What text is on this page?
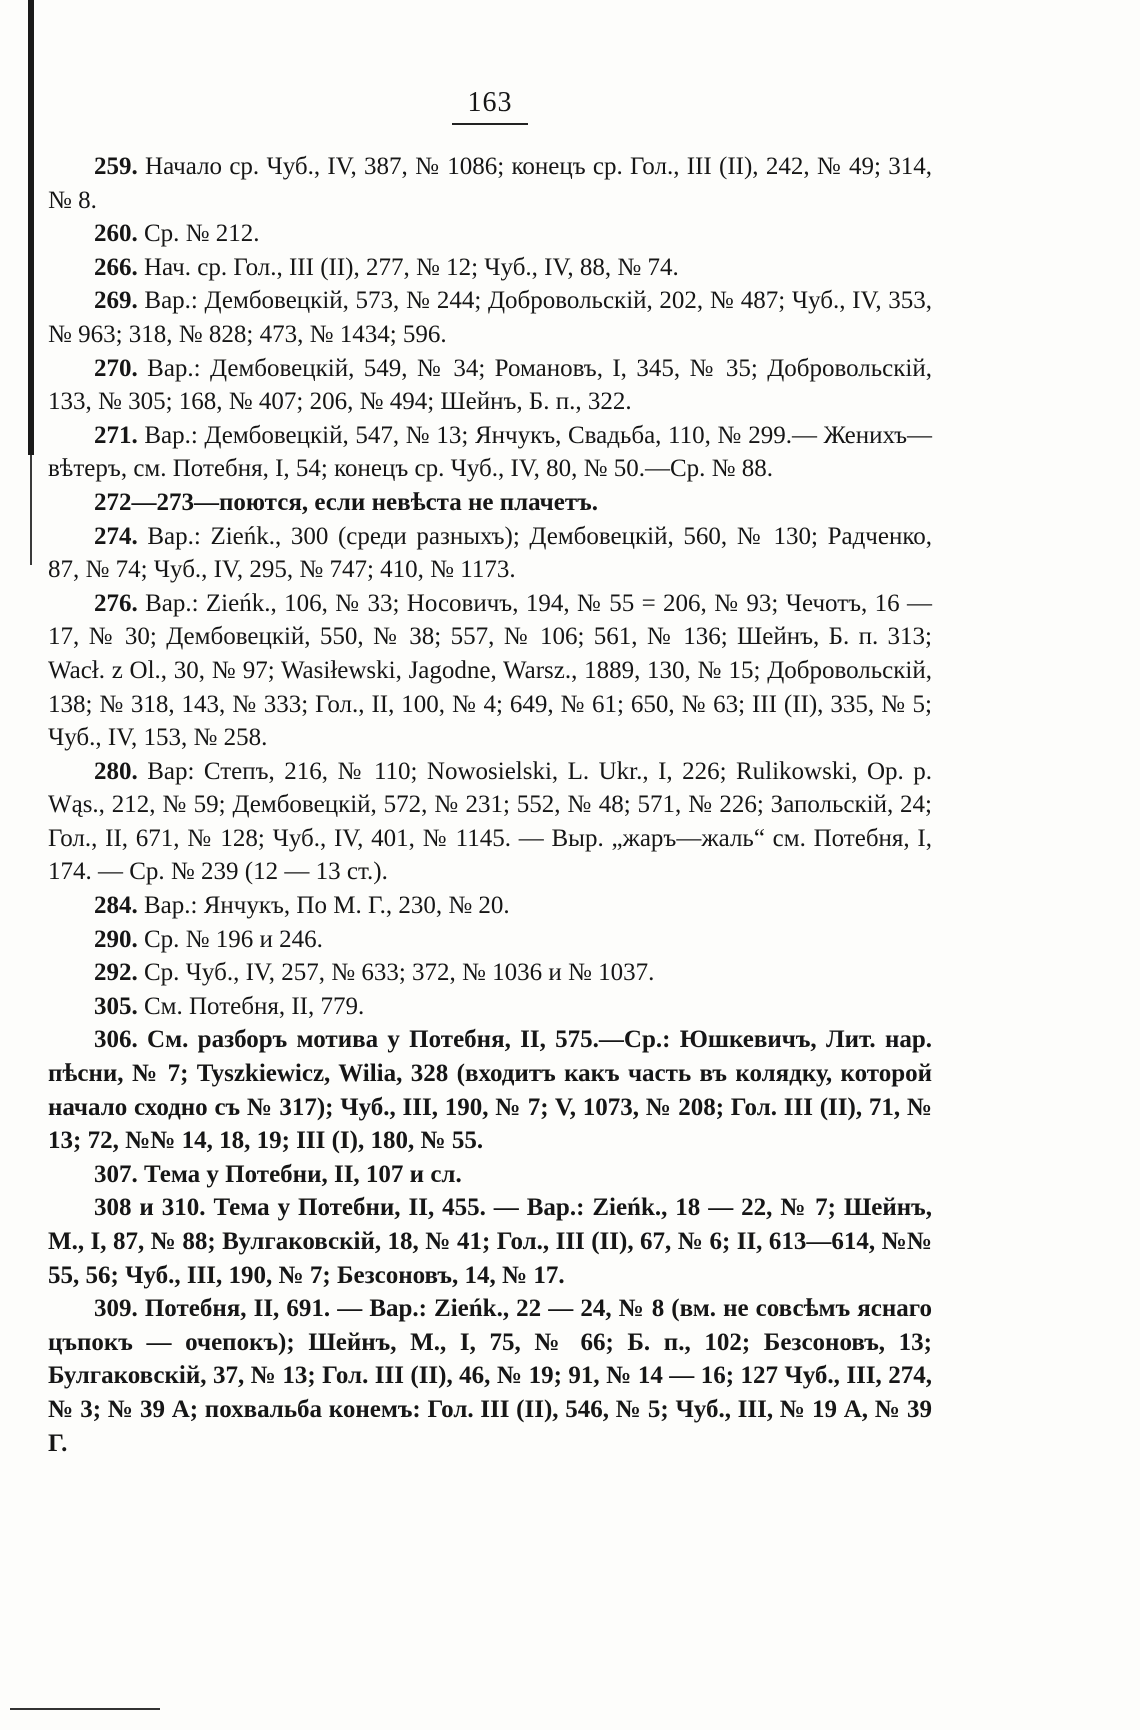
163

259. Начало ср. Чуб., IV, 387, № 1086; конецъ ср. Гол., III (II), 242, № 49; 314, № 8.

260. Ср. № 212.

266. Нач. ср. Гол., III (II), 277, № 12; Чуб., IV, 88, № 74.

269. Вар.: Дембовецкій, 573, № 244; Добровольскій, 202, № 487; Чуб., IV, 353, № 963; 318, № 828; 473, № 1434; 596.

270. Вар.: Дембовецкій, 549, № 34; Романовъ, I, 345, № 35; Добровольскій, 133, № 305; 168, № 407; 206, № 494; Шейнъ, Б. п., 322.

271. Вар.: Дембовецкій, 547, № 13; Янчукъ, Свадьба, 110, № 299.— Женихъ—вѣтеръ, см. Потебня, I, 54; конецъ ср. Чуб., IV, 80, № 50.—Ср. № 88.

272—273—поются, если невѣста не плачетъ.

274. Вар.: Zieńk., 300 (среди разныхъ); Дембовецкій, 560, № 130; Радченко, 87, № 74; Чуб., IV, 295, № 747; 410, № 1173.

276. Вар.: Zieńk., 106, № 33; Носовичъ, 194, № 55 = 206, № 93; Чечотъ, 16 — 17, № 30; Дембовецкій, 550, № 38; 557, № 106; 561, № 136; Шейнъ, Б. п. 313; Wacł. z Ol., 30, № 97; Wasiłewski, Jagodne, Warsz., 1889, 130, № 15; Добровольскій, 138; № 318, 143, № 333; Гол., II, 100, № 4; 649, № 61; 650, № 63; III (II), 335, № 5; Чуб., IV, 153, № 258.

280. Вар: Степъ, 216, № 110; Nowosielski, L. Ukr., I, 226; Rulikowski, Op. p. Wąs., 212, № 59; Дембовецкій, 572, № 231; 552, № 48; 571, № 226; Запольскій, 24; Гол., II, 671, № 128; Чуб., IV, 401, № 1145. — Выр. „жаръ—жаль“ см. Потебня, I, 174. — Ср. № 239 (12 — 13 ст.).

284. Вар.: Янчукъ, По М. Г., 230, № 20.

290. Ср. № 196 и 246.

292. Ср. Чуб., IV, 257, № 633; 372, № 1036 и № 1037.

305. См. Потебня, II, 779.

306. См. разборъ мотива у Потебня, II, 575.—Ср.: Юшкевичъ, Лит. нар. пѣсни, № 7; Tyszkiewicz, Wilia, 328 (входитъ какъ часть въ колядку, которой начало сходно съ № 317); Чуб., III, 190, № 7; V, 1073, № 208; Гол. III (II), 71, № 13; 72, №№ 14, 18, 19; III (I), 180, № 55.

307. Тема у Потебни, II, 107 и сл.

308 и 310. Тема у Потебни, II, 455. — Вар.: Zieńk., 18 — 22, № 7; Шейнъ, М., I, 87, № 88; Вулгаковскій, 18, № 41; Гол., III (II), 67, № 6; II, 613—614, №№ 55, 56; Чуб., III, 190, № 7; Безсоновъ, 14, № 17.

309. Потебня, II, 691. — Вар.: Zieńk., 22 — 24, № 8 (вм. не совсѣмъ яснаго цъпокъ — очепокъ); Шейнъ, М., I, 75, № 66; Б. п., 102; Безсоновъ, 13; Булгаковскій, 37, № 13; Гол. III (II), 46, № 19; 91, № 14 — 16; 127 Чуб., III, 274, № 3; № 39 А; похвальба конемъ: Гол. III (II), 546, № 5; Чуб., III, № 19 А, № 39 Г.
